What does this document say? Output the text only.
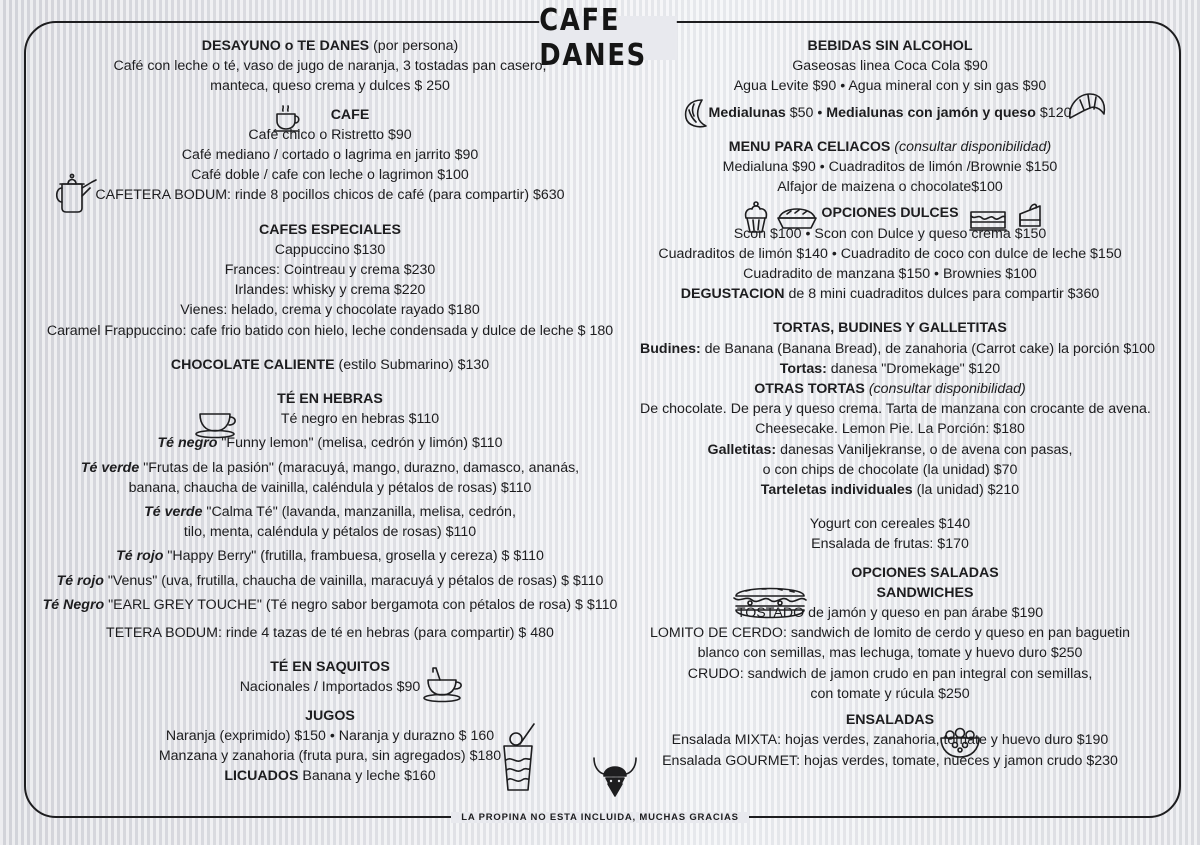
CAFE DANES
DESAYUNO o TE DANES (por persona)
Café con leche o té, vaso de jugo de naranja, 3 tostadas pan casero,
manteca, queso crema y dulces $ 250
CAFE
Café chico o Ristretto $90
Café mediano / cortado o lagrima en jarrito $90
Café doble / cafe con leche o lagrimon $100
CAFETERA BODUM: rinde 8 pocillos chicos de café (para compartir) $630
CAFES ESPECIALES
Cappuccino $130
Frances: Cointreau y crema $230
Irlandes: whisky y crema $220
Vienes: helado, crema y chocolate rayado $180
Caramel Frappuccino: cafe frio batido con hielo, leche condensada y dulce de leche $ 180
CHOCOLATE CALIENTE (estilo Submarino) $130
TÉ EN HEBRAS
Té negro en hebras $110
Té negro "Funny lemon" (melisa, cedrón y limón) $110
Té verde "Frutas de la pasión" (maracuyá, mango, durazno, damasco, ananás,
banana, chaucha de vainilla, caléndula y pétalos de rosas) $110
Té verde "Calma Té" (lavanda, manzanilla, melisa, cedrón,
tilo, menta, caléndula y pétalos de rosas) $110
Té rojo "Happy Berry" (frutilla, frambuesa, grosella y cereza) $ $110
Té rojo "Venus" (uva, frutilla, chaucha de vainilla, maracuyá y pétalos de rosas) $ $110
Té Negro "EARL GREY TOUCHE" (Té negro sabor bergamota con pétalos de rosa) $ $110
TETERA BODUM: rinde 4 tazas de té en hebras (para compartir) $ 480
TÉ EN SAQUITOS
Nacionales / Importados $90
JUGOS
Naranja (exprimido) $150 • Naranja y durazno $ 160
Manzana y zanahoria (fruta pura, sin agregados) $180
LICUADOS Banana y leche $160
BEBIDAS SIN ALCOHOL
Gaseosas linea Coca Cola $90
Agua Levite $90 • Agua mineral con y sin gas $90
Medialunas $50 • Medialunas con jamón y queso $120
MENU PARA CELIACOS (consultar disponibilidad)
Medialuna $90 • Cuadraditos de limón /Brownie $150
Alfajor de maizena o chocolate$100
OPCIONES DULCES
Scon $100 • Scon con Dulce y queso crema $150
Cuadraditos de limón $140 • Cuadradito de coco con dulce de leche $150
Cuadradito de manzana $150 • Brownies $100
DEGUSTACION de 8 mini cuadraditos dulces para compartir $360
TORTAS, BUDINES Y GALLETITAS
Budines: de Banana (Banana Bread), de zanahoria (Carrot cake) la porción $100
Tortas: danesa "Dromekage" $120
OTRAS TORTAS (consultar disponibilidad)
De chocolate. De pera y queso crema. Tarta de manzana con crocante de avena.
Cheesecake. Lemon Pie. La Porción: $180
Galletitas: danesas Vaniljekranse, o de avena con pasas,
o con chips de chocolate (la unidad) $70
Tarteletas individuales (la unidad) $210
Yogurt con cereales $140
Ensalada de frutas: $170
OPCIONES SALADAS
SANDWICHES
TOSTADO de jamón y queso en pan árabe $190
LOMITO DE CERDO: sandwich de lomito de cerdo y queso en pan baguetin
blanco con semillas, mas lechuga, tomate y huevo duro $250
CRUDO: sandwich de jamon crudo en pan integral con semillas,
con tomate y rúcula $250
ENSALADAS
Ensalada MIXTA: hojas verdes, zanahoria, tomate y huevo duro $190
Ensalada GOURMET: hojas verdes, tomate, nueces y jamon crudo $230
LA PROPINA NO ESTA INCLUIDA, MUCHAS GRACIAS
